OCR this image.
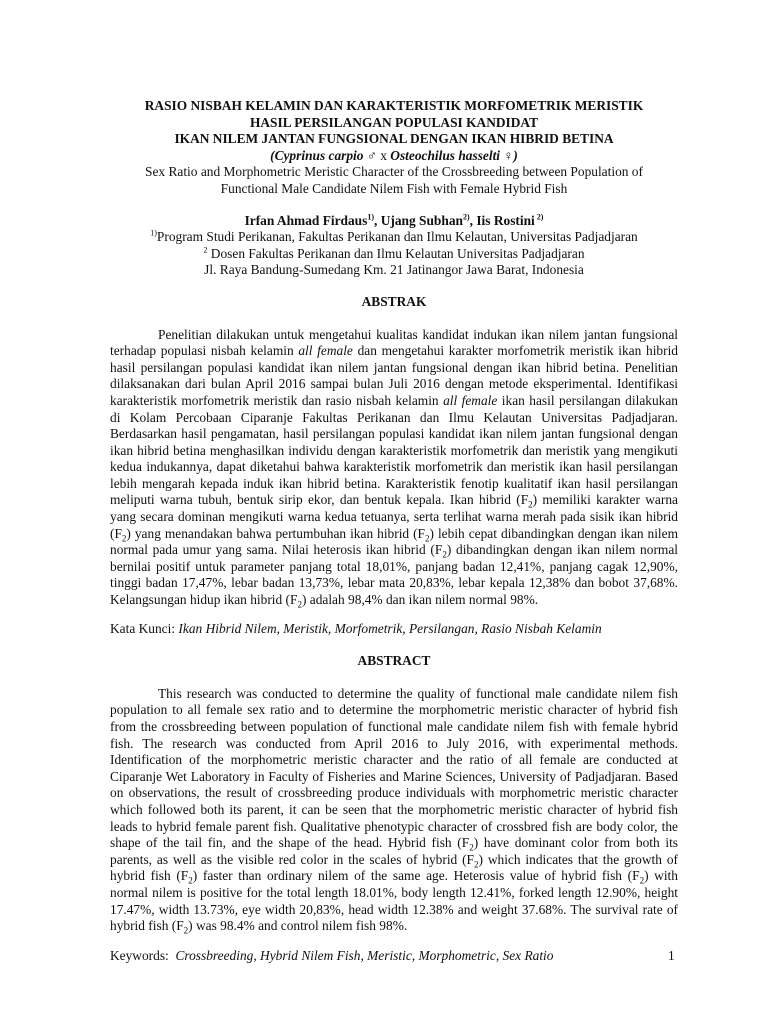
RASIO NISBAH KELAMIN DAN KARAKTERISTIK MORFOMETRIK MERISTIK
HASIL PERSILANGAN POPULASI KANDIDAT
IKAN NILEM JANTAN FUNGSIONAL DENGAN IKAN HIBRID BETINA
(Cyprinus carpio ♂ x Osteochilus hasselti ♀)
Sex Ratio and Morphometric Meristic Character of the Crossbreeding between Population of
Functional Male Candidate Nilem Fish with Female Hybrid Fish
Irfan Ahmad Firdaus$^{1)}$, Ujang Subhan$^{2)}$, Iis Rostini $^{2)}$
$^{1)}$Program Studi Perikanan, Fakultas Perikanan dan Ilmu Kelautan, Universitas Padjadjaran
$^2$ Dosen Fakultas Perikanan dan Ilmu Kelautan Universitas Padjadjaran
Jl. Raya Bandung-Sumedang Km. 21 Jatinangor Jawa Barat, Indonesia
ABSTRAK

Penelitian dilakukan untuk mengetahui kualitas kandidat indukan ikan nilem jantan fungsional terhadap populasi nisbah kelamin all female dan mengetahui karakter morfometrik meristik ikan hibrid hasil persilangan populasi kandidat ikan nilem jantan fungsional dengan ikan hibrid betina. Penelitian dilaksanakan dari bulan April 2016 sampai bulan Juli 2016 dengan metode eksperimental. Identifikasi karakteristik morfometrik meristik dan rasio nisbah kelamin all female ikan hasil persilangan dilakukan di Kolam Percobaan Ciparanje Fakultas Perikanan dan Ilmu Kelautan Universitas Padjadjaran. Berdasarkan hasil pengamatan, hasil persilangan populasi kandidat ikan nilem jantan fungsional dengan ikan hibrid betina menghasilkan individu dengan karakteristik morfometrik dan meristik yang mengikuti kedua indukannya, dapat diketahui bahwa karakteristik morfometrik dan meristik ikan hasil persilangan lebih mengarah kepada induk ikan hibrid betina. Karakteristik fenotip kualitatif ikan hasil persilangan meliputi warna tubuh, bentuk sirip ekor, dan bentuk kepala. Ikan hibrid $(F_2)$ memiliki karakter warna yang secara dominan mengikuti warna kedua tetuanya, serta terlihat warna merah pada sisik ikan hibrid $(F_2)$ yang menandakan bahwa pertumbuhan ikan hibrid $(F_2)$ lebih cepat dibandingkan dengan ikan nilem normal pada umur yang sama. Nilai heterosis ikan hibrid $(F_2)$ dibandingkan dengan ikan nilem normal bernilai positif untuk parameter panjang total 18,01%, panjang badan 12,41%, panjang cagak 12,90%, tinggi badan 17,47%, lebar badan 13,73%, lebar mata 20,83%, lebar kepala 12,38% dan bobot 37,68%. Kelangsungan hidup ikan hibrid $(F_2)$ adalah 98,4% dan ikan nilem normal 98%.

Kata Kunci: Ikan Hibrid Nilem, Meristik, Morfometrik, Persilangan, Rasio Nisbah Kelamin
ABSTRACT

This research was conducted to determine the quality of functional male candidate nilem fish population to all female sex ratio and to determine the morphometric meristic character of hybrid fish from the crossbreeding between population of functional male candidate nilem fish with female hybrid fish. The research was conducted from April 2016 to July 2016, with experimental methods. Identification of the morphometric meristic character and the ratio of all female are conducted at Ciparanje Wet Laboratory in Faculty of Fisheries and Marine Sciences, University of Padjadjaran. Based on observations, the result of crossbreeding produce individuals with morphometric meristic character which followed both its parent, it can be seen that the morphometric meristic character of hybrid fish leads to hybrid female parent fish. Qualitative phenotypic character of crossbred fish are body color, the shape of the tail fin, and the shape of the head. Hybrid fish $(F_2)$ have dominant color from both its parents, as well as the visible red color in the scales of hybrid $(F_2)$ which indicates that the growth of hybrid fish $(F_2)$ faster than ordinary nilem of the same age. Heterosis value of hybrid fish $(F_2)$ with normal nilem is positive for the total length 18.01%, body length 12.41%, forked length 12.90%, height 17.47%, width 13.73%, eye width 20,83%, head width 12.38% and weight 37.68%. The survival rate of hybrid fish $(F_2)$ was 98.4% and control nilem fish 98%.

Keywords:  Crossbreeding, Hybrid Nilem Fish, Meristic, Morphometric, Sex Ratio	1
